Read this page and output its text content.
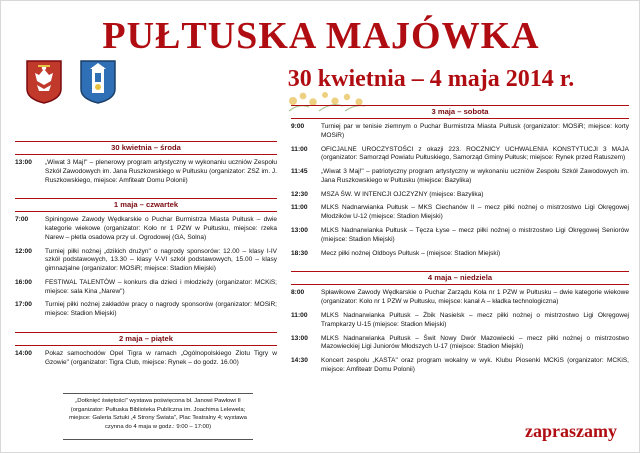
PUŁTUSKA MAJÓWKA
30 kwietnia – 4 maja 2014 r.
30 kwietnia – środa
13:00	„Wiwat 3 Maj!" – plenerowy program artystyczny w wykonaniu uczniów Zespołu Szkół Zawodowych im. Jana Ruszkowskiego w Pułtusku (organizator: ZSZ im. J. Ruszkowskiego, miejsce: Amfiteatr Domu Polonii)
1 maja – czwartek
7:00	Spiningowe Zawody Wędkarskie o Puchar Burmistrza Miasta Pułtusk – dwie kategorie wiekowe (organizator: Koło nr 1 PZW w Pułtusku, miejsce: rzeka Narew – płetla osadowa przy ul. Ogrodowej (GA, Solna)
12:00	Turniej piłki nożnej „dzikich drużyn" o nagrody sponsorów: 12.00 – klasy I-IV szkół podstawowych, 13.30 – klasy V-VI szkół podstawowych, 15.00 – klasy gimnazjalne (organizator: MOSiR; miejsce: Stadion Miejski)
16:00	FESTIWAL TALENTÓW – konkurs dla dzieci i młodzieży (organizator: MCKiS; miejsce: sala Kina „Narew")
17:00	Turniej piłki nożnej zakładów pracy o nagrody sponsorów (organizator: MOSiR; miejsce: Stadion Miejski)
2 maja – piątek
14:00	Pokaz samochodów Opel Tigra w ramach „Ogólnopolskiego Zlotu Tigry w Gzowie" (organizator: Tigra Club, miejsce: Rynek – do godz. 16.00)
3 maja – sobota
9:00	Turniej par w tenisie ziemnym o Puchar Burmistrza Miasta Pułtusk (organizator: MOSiR; miejsce: korty MOSiR)
11:00	OFICJALNE UROCZYSTOŚCI z okazji 223. ROCZNICY UCHWALENIA KONSTYTUCJI 3 MAJA (organizator: Samorząd Powiatu Pułtuskiego, Samorząd Gminy Pułtusk; miejsce: Rynek przed Ratuszem)
11:45	„Wiwat 3 Maj!" – patriotyczny program artystyczny w wykonaniu uczniów Zespołu Szkół Zawodowych im. Jana Ruszkowskiego w Pułtusku (miejsce: Bazylika)
12:30	MSZA ŚW. W INTENCJI OJCZYZNY (miejsce: Bazylika)
11:00	MLKS Nadnarwianka Pułtusk – MKS Ciechanów II – mecz piłki nożnej o mistrzostwo Ligi Okręgowej Młodzików U-12 (miejsce: Stadion Miejski)
13:00	MLKS Nadnarwianka Pułtusk – Tęcza Łyse – mecz piłki nożnej o mistrzostwo Ligi Okręgowej Seniorów (miejsce: Stadion Miejski)
18:30	Mecz piłki nożnej Oldboys Pułtusk – (miejsce: Stadion Miejski)
4 maja – niedziela
8:00	Spławikowe Zawody Wędkarskie o Puchar Zarządu Koła nr 1 PZW w Pułtusku – dwie kategorie wiekowe (organizator: Koło nr 1 PZW w Pułtusku, miejsce: kanał A – kładka technologiczna)
11:00	MLKS Nadnarwianka Pułtusk – Żbik Nasielsk – mecz piłki nożnej o mistrzostwo Ligi Okręgowej Trampkarzy U-15 (miejsce: Stadion Miejski)
13:00	MLKS Nadnarwianka Pułtusk – Świt Nowy Dwór Mazowiecki – mecz piłki nożnej o mistrzostwo Mazowieckiej Ligi Juniorów Młodszych U-17 (miejsce: Stadion Miejski)
14:30	Koncert zespołu „KASTA" oraz program wokalny w wyk. Klubu Piosenki MCKiS (organizator: MCKiS, miejsce: Amfiteatr Domu Polonii)
„Dotknięć świętości" wystawa poświęcona bł. Janowi Pawłowi II (organizator: Pułtuska Biblioteka Publiczna im. Joachima Lelewela; miejsce: Galeria Sztuki „4 Strony Świata", Plac Teatralny 4; wystawa czynna do 4 maja w godz.: 9:00 – 17:00)	zapraszamy
